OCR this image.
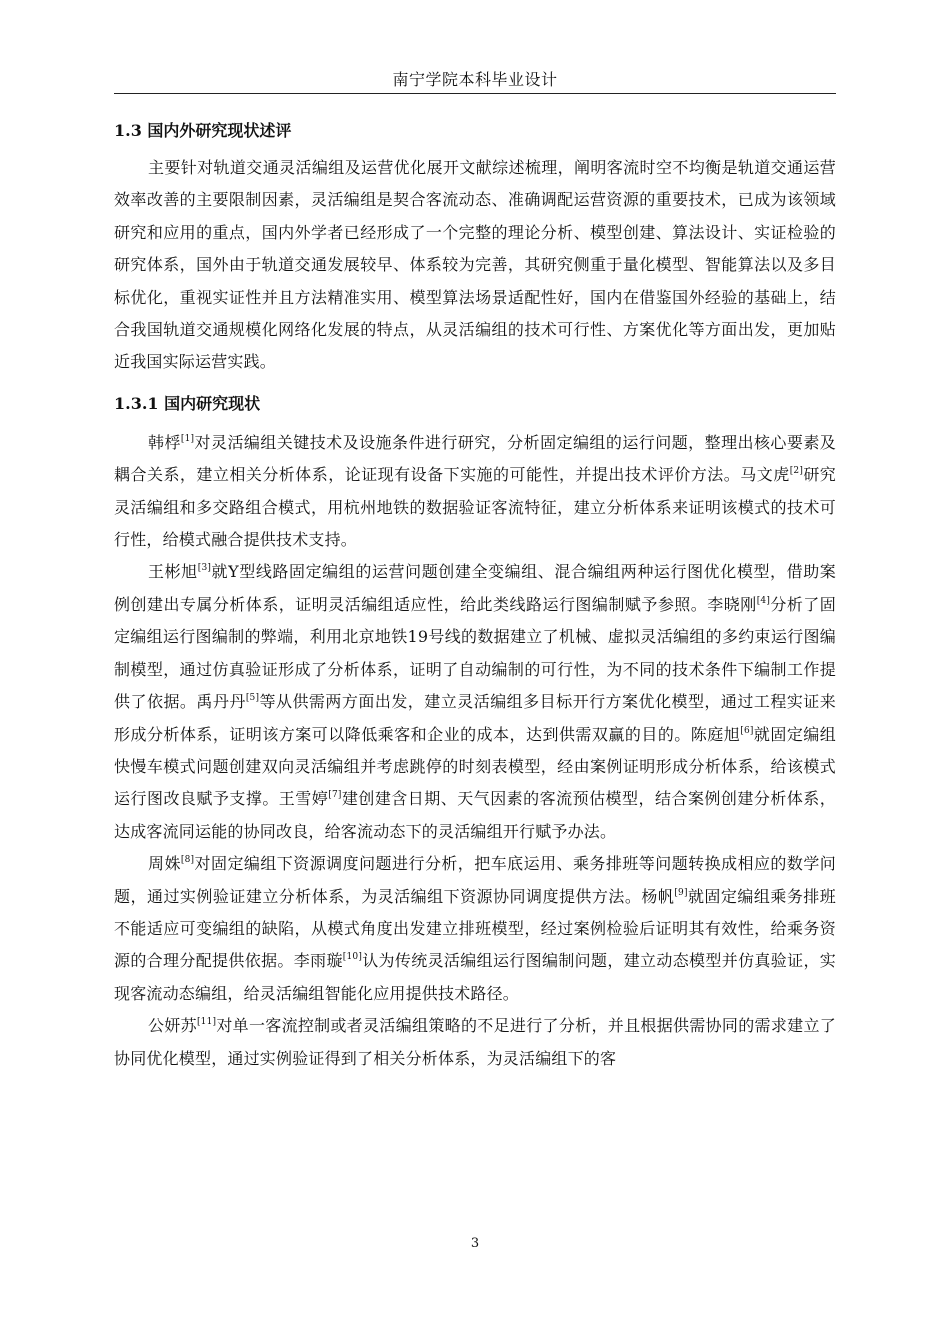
南宁学院本科毕业设计
1.3 国内外研究现状述评

主要针对轨道交通灵活编组及运营优化展开文献综述梳理，阐明客流时空不均衡是轨道交通运营效率改善的主要限制因素，灵活编组是契合客流动态、准确调配运营资源的重要技术，已成为该领域研究和应用的重点，国内外学者已经形成了一个完整的理论分析、模型创建、算法设计、实证检验的研究体系，国外由于轨道交通发展较早、体系较为完善，其研究侧重于量化模型、智能算法以及多目标优化，重视实证性并且方法精准实用、模型算法场景适配性好，国内在借鉴国外经验的基础上，结合我国轨道交通规模化网络化发展的特点，从灵活编组的技术可行性、方案优化等方面出发，更加贴近我国实际运营实践。

1.3.1 国内研究现状

韩桴[1]对灵活编组关键技术及设施条件进行研究，分析固定编组的运行问题，整理出核心要素及耦合关系，建立相关分析体系，论证现有设备下实施的可能性，并提出技术评价方法。马文虎[2]研究灵活编组和多交路组合模式，用杭州地铁的数据验证客流特征，建立分析体系来证明该模式的技术可行性，给模式融合提供技术支持。

王彬旭[3]就Y型线路固定编组的运营问题创建全变编组、混合编组两种运行图优化模型，借助案例创建出专属分析体系，证明灵活编组适应性，给此类线路运行图编制赋予参照。李晓刚[4]分析了固定编组运行图编制的弊端，利用北京地铁19号线的数据建立了机械、虚拟灵活编组的多约束运行图编制模型，通过仿真验证形成了分析体系，证明了自动编制的可行性，为不同的技术条件下编制工作提供了依据。禹丹丹[5]等从供需两方面出发，建立灵活编组多目标开行方案优化模型，通过工程实证来形成分析体系，证明该方案可以降低乘客和企业的成本，达到供需双赢的目的。陈庭旭[6]就固定编组快慢车模式问题创建双向灵活编组并考虑跳停的时刻表模型，经由案例证明形成分析体系，给该模式运行图改良赋予支撑。王雪婷[7]建创建含日期、天气因素的客流预估模型，结合案例创建分析体系，达成客流同运能的协同改良，给客流动态下的灵活编组开行赋予办法。

周姝[8]对固定编组下资源调度问题进行分析，把车底运用、乘务排班等问题转换成相应的数学问题，通过实例验证建立分析体系，为灵活编组下资源协同调度提供方法。杨帆[9]就固定编组乘务排班不能适应可变编组的缺陷，从模式角度出发建立排班模型，经过案例检验后证明其有效性，给乘务资源的合理分配提供依据。李雨璇[10]认为传统灵活编组运行图编制问题，建立动态模型并仿真验证，实现客流动态编组，给灵活编组智能化应用提供技术路径。

公妍苏[11]对单一客流控制或者灵活编组策略的不足进行了分析，并且根据供需协同的需求建立了协同优化模型，通过实例验证得到了相关分析体系，为灵活编组下的客

3
